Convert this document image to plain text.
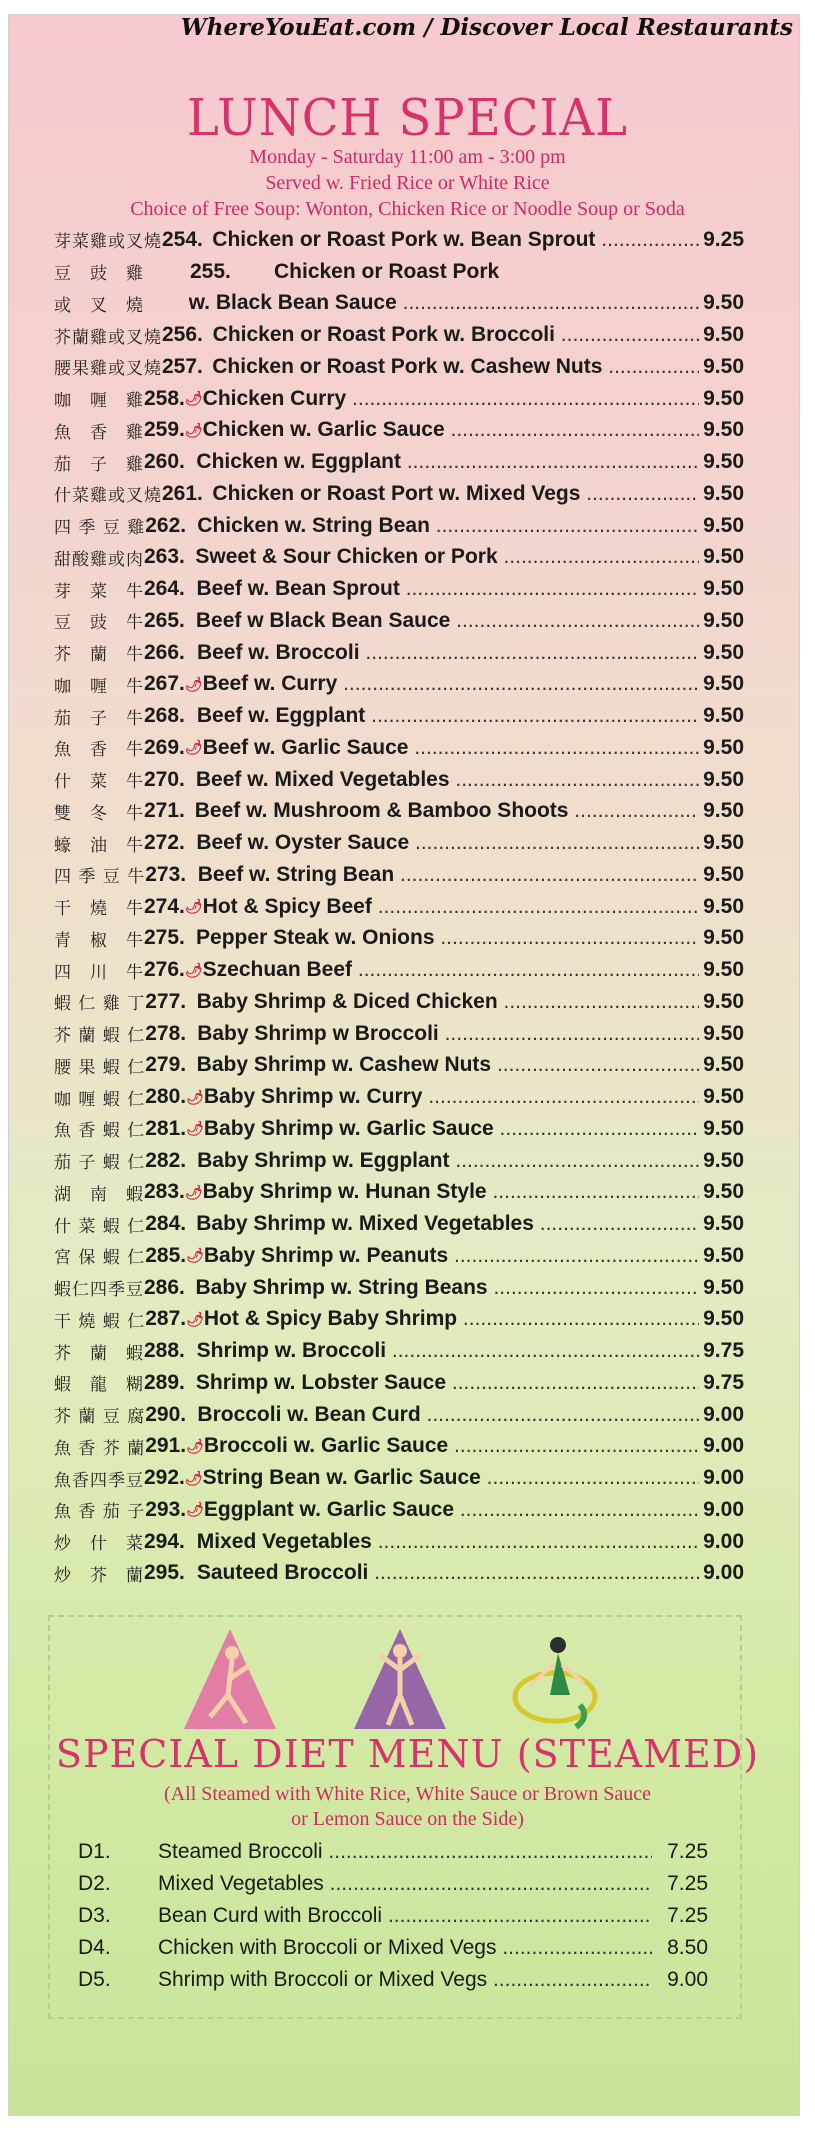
WhereYouEat.com / Discover Local Restaurants
LUNCH SPECIAL
Monday - Saturday 11:00 am - 3:00 pm
Served w. Fried Rice or White Rice
Choice of Free Soup: Wonton, Chicken Rice or Noodle Soup or Soda
芽菜雞或叉燒 254. Chicken or Roast Pork w. Bean Sprout .....	9.25
豆　豉　雞	255.	Chicken or Roast Pork
或　叉　燒 w. Black Bean Sauce .....	9.50
芥蘭雞或叉燒 256. Chicken or Roast Pork w. Broccoli .....	9.50
腰果雞或叉燒 257. Chicken or Roast Pork w. Cashew Nuts .....	9.50
咖　喱　雞 258. 🌶 Chicken Curry .....	9.50
魚　香　雞 259. 🌶 Chicken w. Garlic Sauce .....	9.50
茄　子　雞 260. Chicken w. Eggplant .....	9.50
什菜雞或叉燒 261. Chicken or Roast Port w. Mixed Vegs .....	9.50
四 季 豆 雞 262. Chicken w. String Bean .....	9.50
甜酸雞或肉 263. Sweet & Sour Chicken or Pork .....	9.50
芽　菜　牛 264. Beef w. Bean Sprout .....	9.50
豆　豉　牛 265. Beef w Black Bean Sauce .....	9.50
芥　蘭　牛 266. Beef w. Broccoli .....	9.50
咖　喱　牛 267. 🌶 Beef w. Curry .....	9.50
茄　子　牛 268. Beef w. Eggplant .....	9.50
魚　香　牛 269. 🌶 Beef w. Garlic Sauce .....	9.50
什　菜　牛 270. Beef w. Mixed Vegetables .....	9.50
雙　冬　牛 271. Beef w. Mushroom & Bamboo Shoots .....	9.50
蠔　油　牛 272. Beef w. Oyster Sauce .....	9.50
四 季 豆 牛 273. Beef w. String Bean .....	9.50
干　燒　牛 274. 🌶 Hot & Spicy Beef .....	9.50
青　椒　牛 275. Pepper Steak w. Onions .....	9.50
四　川　牛 276. 🌶 Szechuan Beef .....	9.50
蝦 仁 雞 丁 277. Baby Shrimp & Diced Chicken .....	9.50
芥 蘭 蝦 仁 278. Baby Shrimp w Broccoli .....	9.50
腰 果 蝦 仁 279. Baby Shrimp w. Cashew Nuts .....	9.50
咖 喱 蝦 仁 280. 🌶 Baby Shrimp w. Curry .....	9.50
魚 香 蝦 仁 281. 🌶 Baby Shrimp w. Garlic Sauce .....	9.50
茄 子 蝦 仁 282. Baby Shrimp w. Eggplant .....	9.50
湖　南　蝦 283. 🌶 Baby Shrimp w. Hunan Style .....	9.50
什 菜 蝦 仁 284. Baby Shrimp w. Mixed Vegetables .....	9.50
宮 保 蝦 仁 285. 🌶 Baby Shrimp w. Peanuts .....	9.50
蝦仁四季豆 286. Baby Shrimp w. String Beans .....	9.50
干 燒 蝦 仁 287. 🌶 Hot & Spicy Baby Shrimp .....	9.50
芥　蘭　蝦 288. Shrimp w. Broccoli .....	9.75
蝦　龍　糊 289. Shrimp w. Lobster Sauce .....	9.75
芥 蘭 豆 腐 290. Broccoli w. Bean Curd .....	9.00
魚 香 芥 蘭 291. 🌶 Broccoli w. Garlic Sauce .....	9.00
魚香四季豆 292. 🌶 String Bean w. Garlic Sauce .....	9.00
魚 香 茄 子 293. 🌶 Eggplant w. Garlic Sauce .....	9.00
炒　什　菜 294. Mixed Vegetables .....	9.00
炒　芥　蘭 295. Sauteed Broccoli .....	9.00
SPECIAL DIET MENU (STEAMED)
(All Steamed with White Rice, White Sauce or Brown Sauce
or Lemon Sauce on the Side)
D1.	Steamed Broccoli .....	7.25
D2.	Mixed Vegetables .....	7.25
D3.	Bean Curd with Broccoli .....	7.25
D4.	Chicken with Broccoli or Mixed Vegs .....	8.50
D5.	Shrimp with Broccoli or Mixed Vegs .....	9.00
